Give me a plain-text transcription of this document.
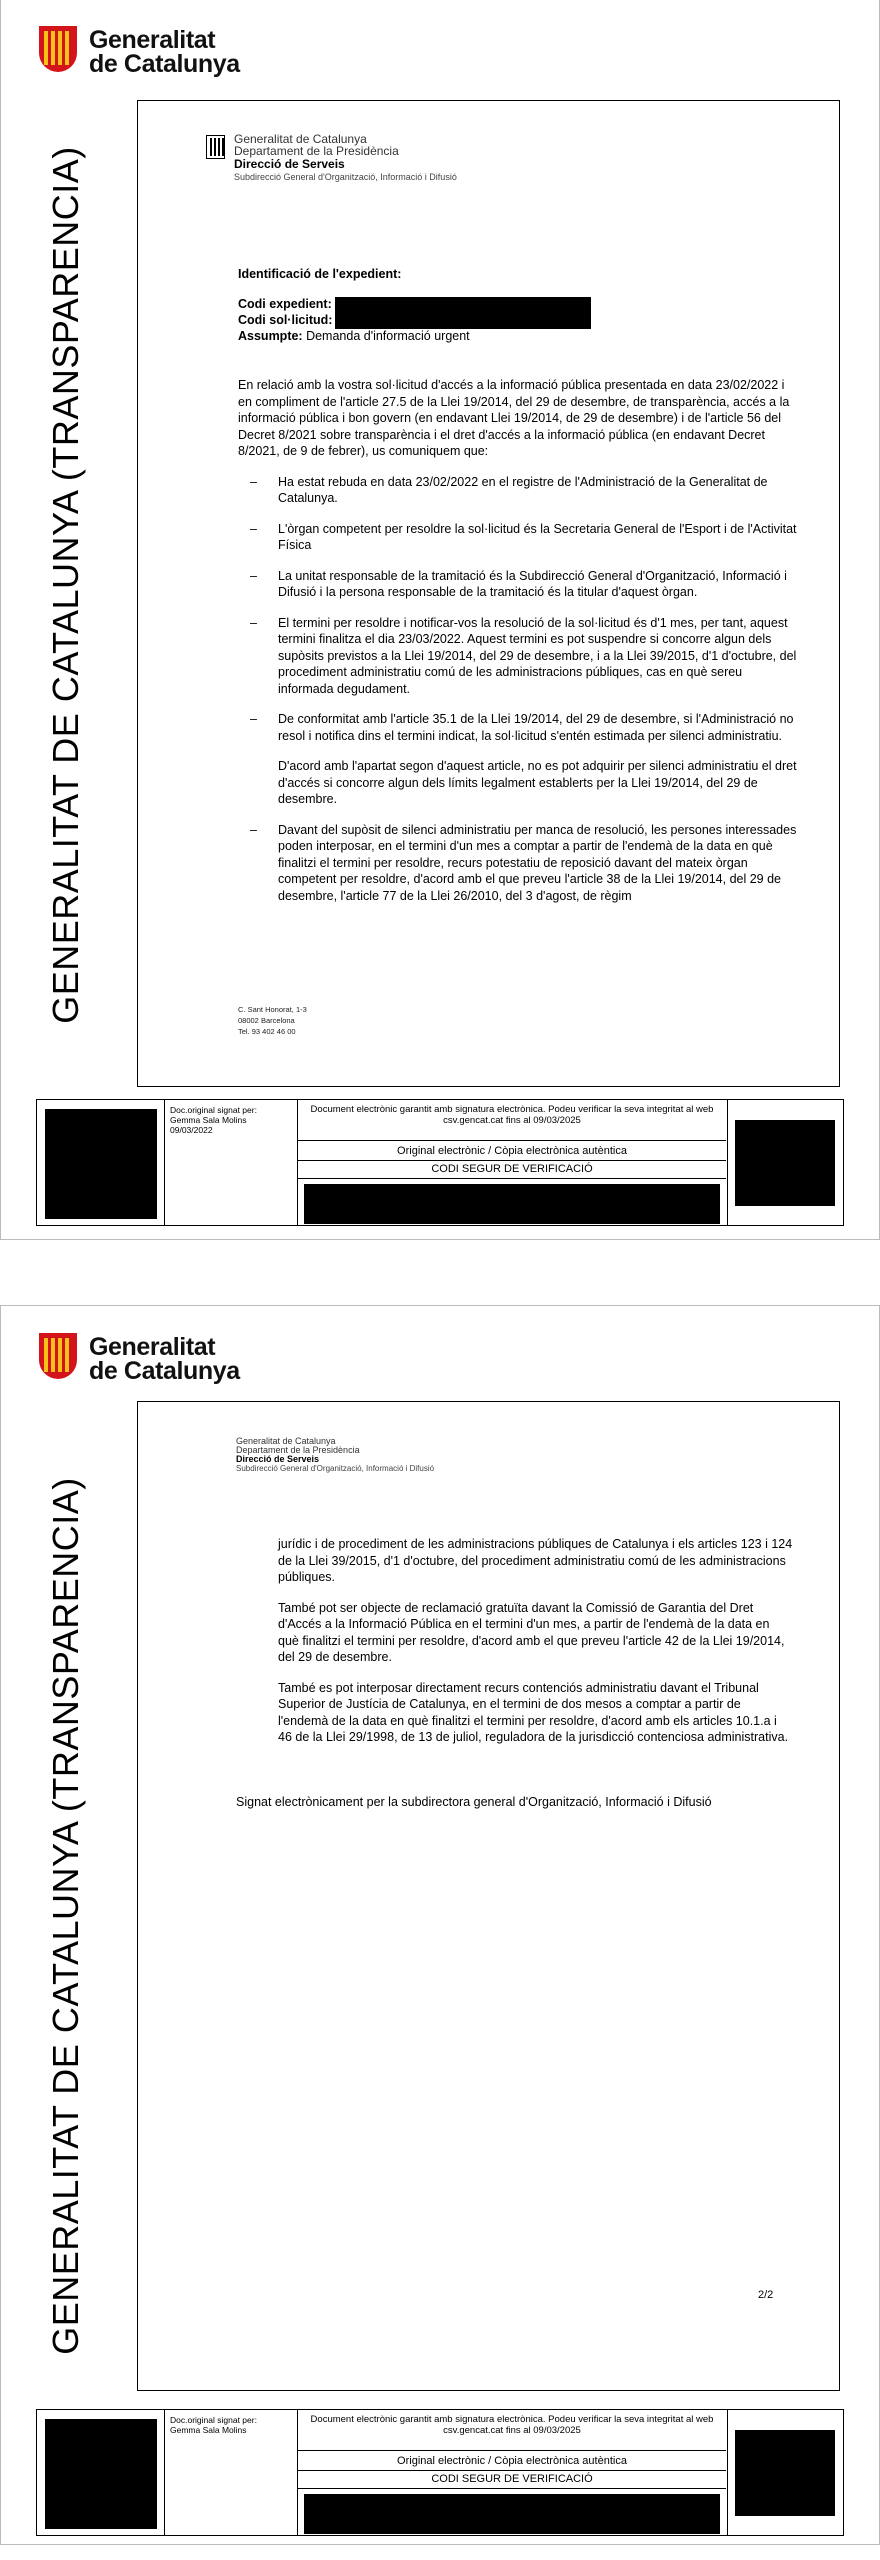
Generalitat
de Catalunya
GENERALITAT DE CATALUNYA (TRANSPARENCIA)
Generalitat de Catalunya
Departament de la Presidència
Direcció de Serveis
Subdirecció General d'Organització, Informació i Difusió
Identificació de l'expedient:
Codi expedient:
Codi sol·licitud:
Assumpte: Demanda d'informació urgent

En relació amb la vostra sol·licitud d'accés a la informació pública presentada en data 23/02/2022 i en compliment de l'article 27.5 de la Llei 19/2014, del 29 de desembre, de transparència, accés a la informació pública i bon govern (en endavant Llei 19/2014, de 29 de desembre) i de l'article 56 del Decret 8/2021 sobre transparència i el dret d'accés a la informació pública (en endavant Decret 8/2021, de 9 de febrer), us comuniquem que:

– Ha estat rebuda en data 23/02/2022 en el registre de l'Administració de la Generalitat de Catalunya.
– L'òrgan competent per resoldre la sol·licitud és la Secretaria General de l'Esport i de l'Activitat Física
– La unitat responsable de la tramitació és la Subdirecció General d'Organització, Informació i Difusió i la persona responsable de la tramitació és la titular d'aquest òrgan.
– El termini per resoldre i notificar-vos la resolució de la sol·licitud és d'1 mes, per tant, aquest termini finalitza el dia 23/03/2022. Aquest termini es pot suspendre si concorre algun dels supòsits previstos a la Llei 19/2014, del 29 de desembre, i a la Llei 39/2015, d'1 d'octubre, del procediment administratiu comú de les administracions públiques, cas en què sereu informada degudament.
– De conformitat amb l'article 35.1 de la Llei 19/2014, del 29 de desembre, si l'Administració no resol i notifica dins el termini indicat, la sol·licitud s'entén estimada per silenci administratiu.
D'acord amb l'apartat segon d'aquest article, no es pot adquirir per silenci administratiu el dret d'accés si concorre algun dels límits legalment establerts per la Llei 19/2014, del 29 de desembre.
– Davant del supòsit de silenci administratiu per manca de resolució, les persones interessades poden interposar, en el termini d'un mes a comptar a partir de l'endemà de la data en què finalitzi el termini per resoldre, recurs potestatiu de reposició davant del mateix òrgan competent per resoldre, d'acord amb el que preveu l'article 38 de la Llei 19/2014, del 29 de desembre, l'article 77 de la Llei 26/2010, del 3 d'agost, de règim
C. Sant Honorat, 1-3
08002 Barcelona
Tel. 93 402 46 00
Doc.original signat per:
Gemma Sala Molins
09/03/2022
Document electrònic garantit amb signatura electrònica. Podeu verificar la seva integritat al web csv.gencat.cat fins al 09/03/2025
Original electrònic / Còpia electrònica autèntica
CODI SEGUR DE VERIFICACIÓ
Generalitat
de Catalunya
GENERALITAT DE CATALUNYA (TRANSPARENCIA)
Generalitat de Catalunya
Departament de la Presidència
Direcció de Serveis
Subdirecció General d'Organització, Informació i Difusió

jurídic i de procediment de les administracions públiques de Catalunya i els articles 123 i 124 de la Llei 39/2015, d'1 d'octubre, del procediment administratiu comú de les administracions públiques.

També pot ser objecte de reclamació gratuïta davant la Comissió de Garantia del Dret d'Accés a la Informació Pública en el termini d'un mes, a partir de l'endemà de la data en què finalitzi el termini per resoldre, d'acord amb el que preveu l'article 42 de la Llei 19/2014, del 29 de desembre.

També es pot interposar directament recurs contenciós administratiu davant el Tribunal Superior de Justícia de Catalunya, en el termini de dos mesos a comptar a partir de l'endemà de la data en què finalitzi el termini per resoldre, d'acord amb els articles 10.1.a i 46 de la Llei 29/1998, de 13 de juliol, reguladora de la jurisdicció contenciosa administrativa.

Signat electrònicament per la subdirectora general d'Organització, Informació i Difusió
2/2
Doc.original signat per:
Gemma Sala Molins
Document electrònic garantit amb signatura electrònica. Podeu verificar la seva integritat al web csv.gencat.cat fins al 09/03/2025
Original electrònic / Còpia electrònica autèntica
CODI SEGUR DE VERIFICACIÓ
